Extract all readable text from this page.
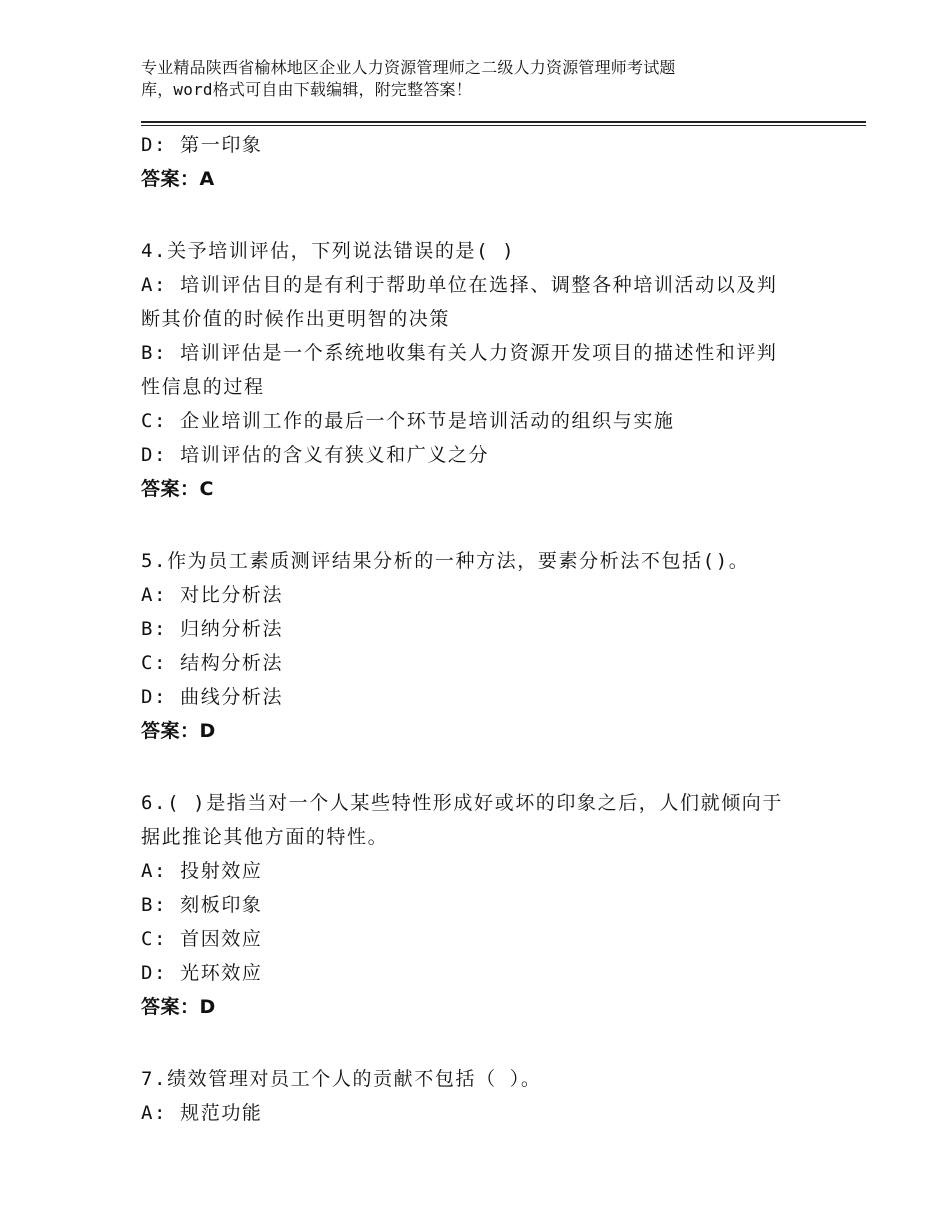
专业精品陕西省榆林地区企业人力资源管理师之二级人力资源管理师考试题
库，word格式可自由下载编辑，附完整答案！
D: 第一印象
答案：A
4.关予培训评估，下列说法错误的是( )
A: 培训评估目的是有利于帮助单位在选择、调整各种培训活动以及判
断其价值的时候作出更明智的决策
B: 培训评估是一个系统地收集有关人力资源开发项目的描述性和评判
性信息的过程
C: 企业培训工作的最后一个环节是培训活动的组织与实施
D: 培训评估的含义有狭义和广义之分
答案：C
5.作为员工素质测评结果分析的一种方法，要素分析法不包括()。
A: 对比分析法
B: 归纳分析法
C: 结构分析法
D: 曲线分析法
答案：D
6.( )是指当对一个人某些特性形成好或坏的印象之后，人们就倾向于
据此推论其他方面的特性。
A: 投射效应
B: 刻板印象
C: 首因效应
D: 光环效应
答案：D
7.绩效管理对员工个人的贡献不包括（ ）。
A: 规范功能
